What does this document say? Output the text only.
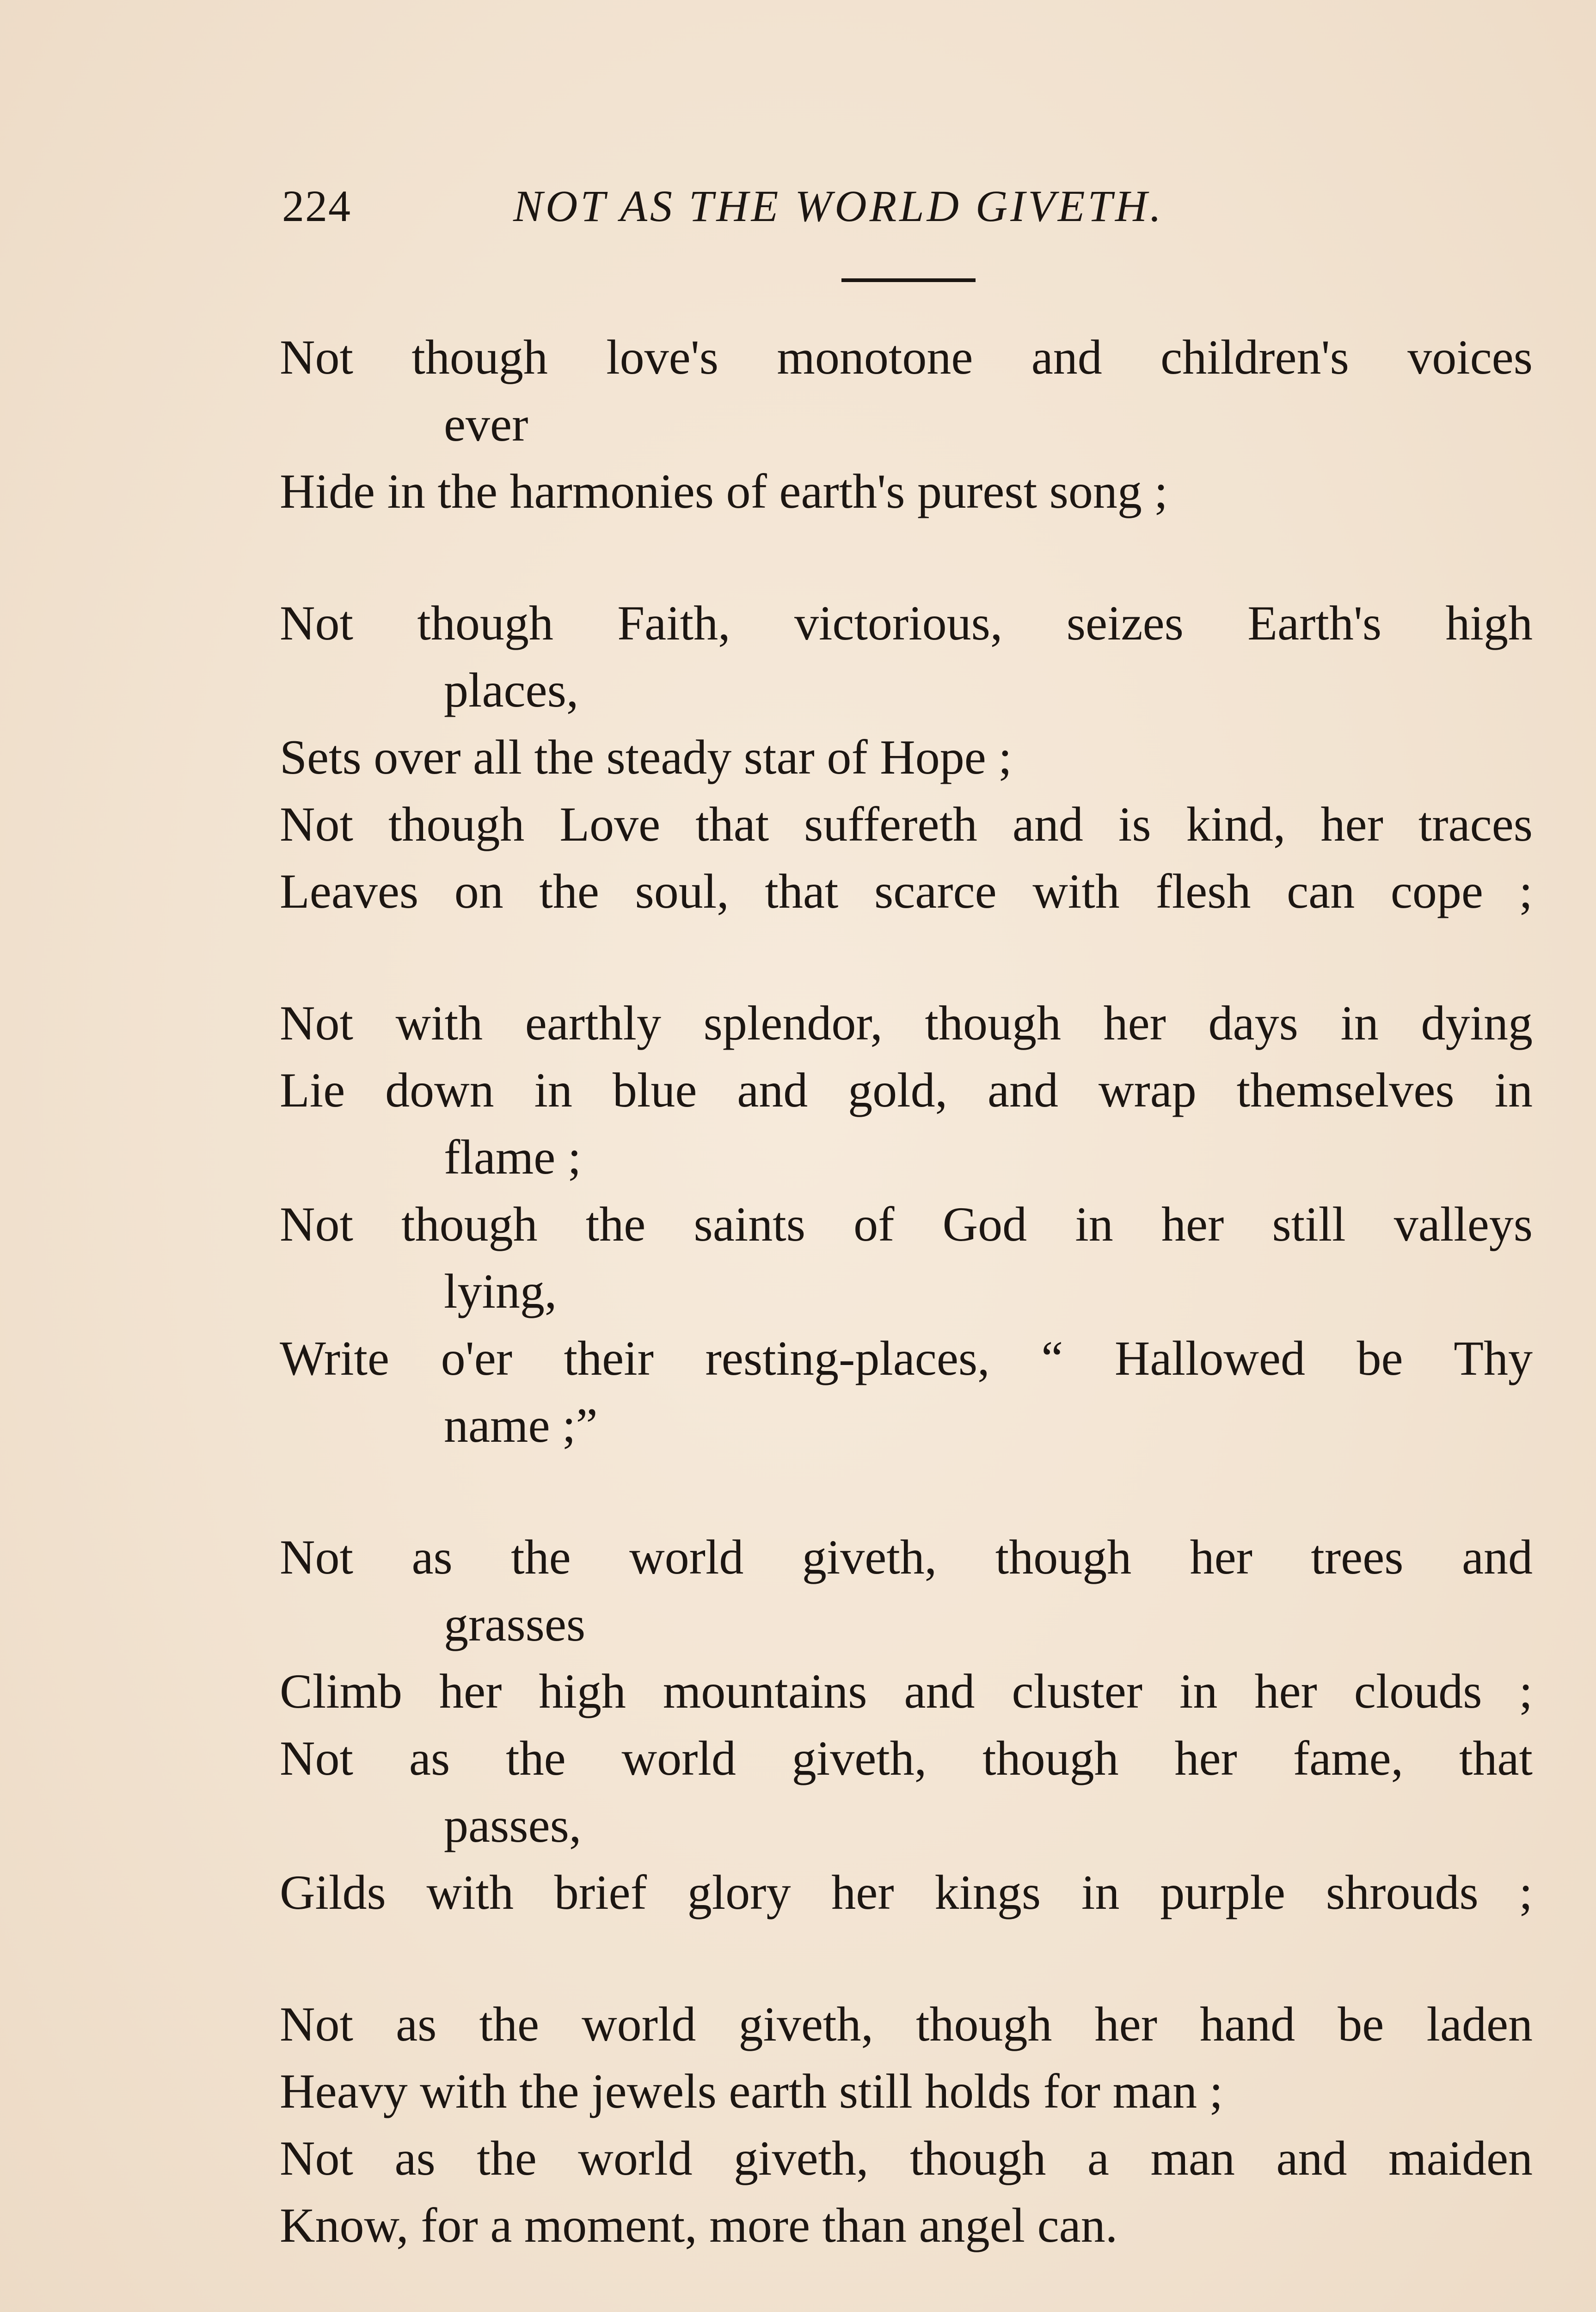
224	NOT AS THE WORLD GIVETH.
Not though love's monotone and children's voices
ever
Hide in the harmonies of earth's purest song ;
Not though Faith, victorious, seizes Earth's high
places,
Sets over all the steady star of Hope ;
Not though Love that suffereth and is kind, her traces
Leaves on the soul, that scarce with flesh can cope ;
Not with earthly splendor, though her days in dying
Lie down in blue and gold, and wrap themselves in
flame ;
Not though the saints of God in her still valleys
lying,
Write o'er their resting-places, “ Hallowed be Thy
name ;”
Not as the world giveth, though her trees and
grasses
Climb her high mountains and cluster in her clouds ;
Not as the world giveth, though her fame, that
passes,
Gilds with brief glory her kings in purple shrouds ;
Not as the world giveth, though her hand be laden
Heavy with the jewels earth still holds for man ;
Not as the world giveth, though a man and maiden
Know, for a moment, more than angel can.
